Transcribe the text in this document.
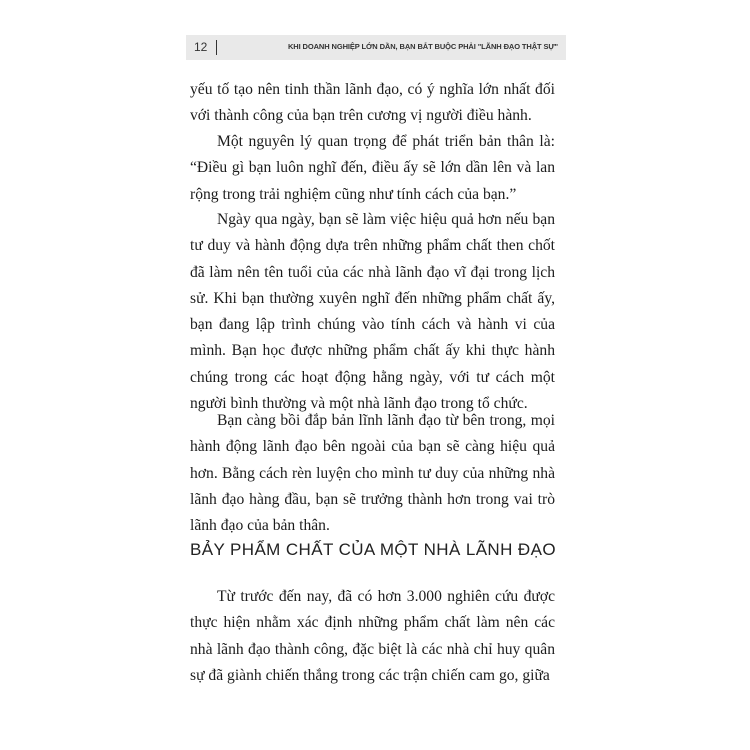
12	KHI DOANH NGHIỆP LỚN DẦN, BẠN BẮT BUỘC PHẢI "LÃNH ĐẠO THẬT SỰ"

yếu tố tạo nên tinh thần lãnh đạo, có ý nghĩa lớn nhất đối với thành công của bạn trên cương vị người điều hành.

Một nguyên lý quan trọng để phát triển bản thân là: “Điều gì bạn luôn nghĩ đến, điều ấy sẽ lớn dần lên và lan rộng trong trải nghiệm cũng như tính cách của bạn.”

Ngày qua ngày, bạn sẽ làm việc hiệu quả hơn nếu bạn tư duy và hành động dựa trên những phẩm chất then chốt đã làm nên tên tuổi của các nhà lãnh đạo vĩ đại trong lịch sử. Khi bạn thường xuyên nghĩ đến những phẩm chất ấy, bạn đang lập trình chúng vào tính cách và hành vi của mình. Bạn học được những phẩm chất ấy khi thực hành chúng trong các hoạt động hằng ngày, với tư cách một người bình thường và một nhà lãnh đạo trong tổ chức.

Bạn càng bồi đắp bản lĩnh lãnh đạo từ bên trong, mọi hành động lãnh đạo bên ngoài của bạn sẽ càng hiệu quả hơn. Bằng cách rèn luyện cho mình tư duy của những nhà lãnh đạo hàng đầu, bạn sẽ trưởng thành hơn trong vai trò lãnh đạo của bản thân.

BẢY PHẨM CHẤT CỦA MỘT NHÀ LÃNH ĐẠO

Từ trước đến nay, đã có hơn 3.000 nghiên cứu được thực hiện nhằm xác định những phẩm chất làm nên các nhà lãnh đạo thành công, đặc biệt là các nhà chỉ huy quân sự đã giành chiến thắng trong các trận chiến cam go, giữa
